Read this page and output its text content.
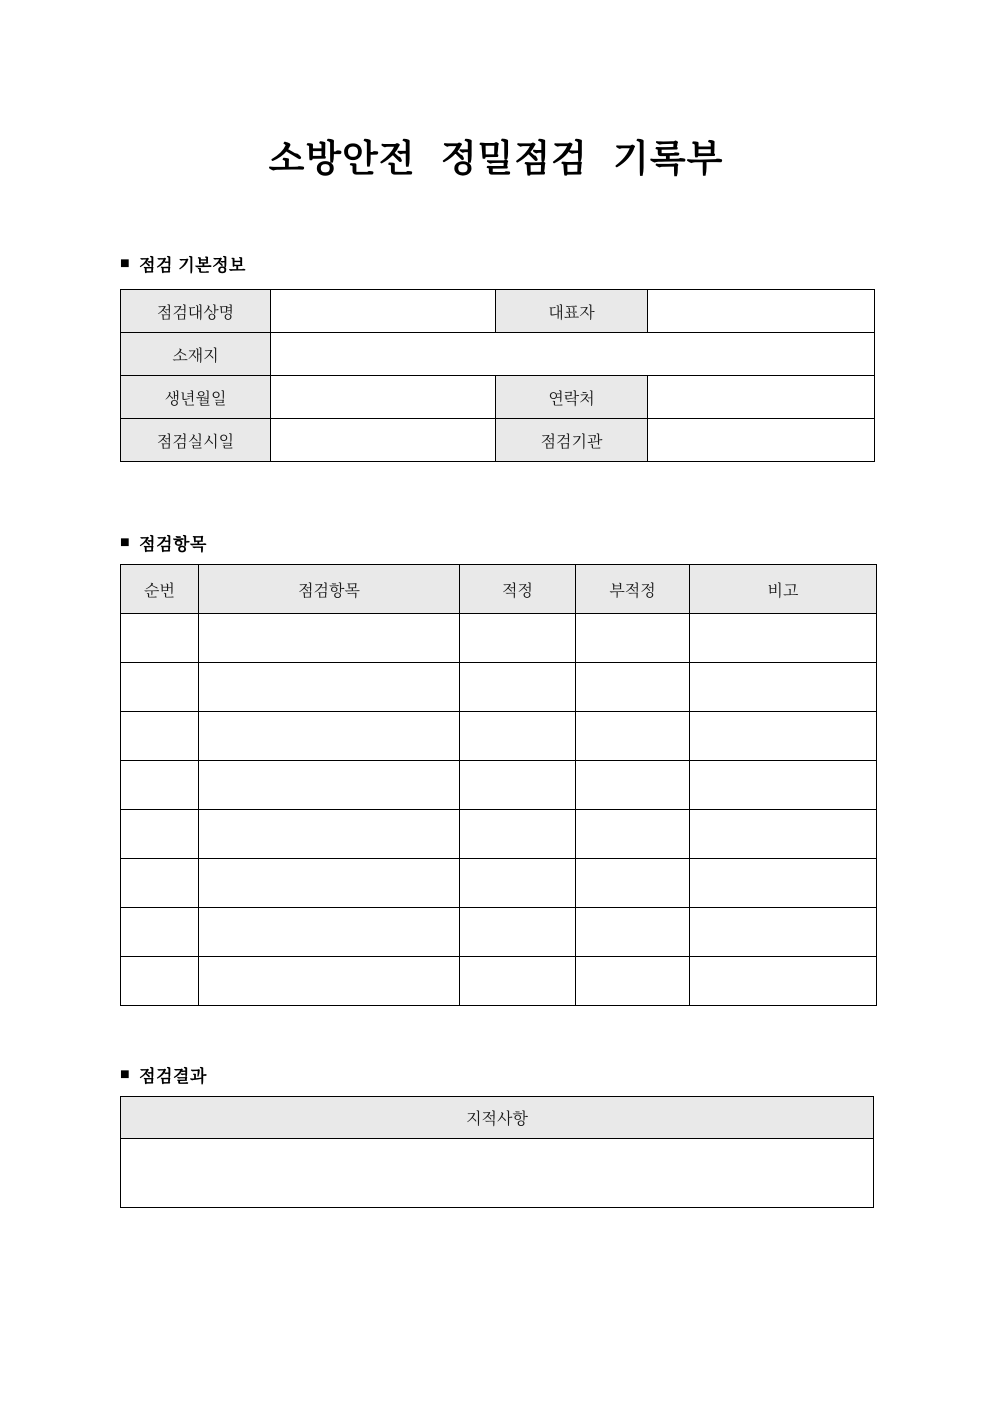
소방안전 정밀점검 기록부
■ 점검 기본정보
점검대상명		대표자	
소재지			
생년월일		연락처	
점검실시일		점검기관	
■ 점검항목
순번	점검항목	적정	부적정	비고

■ 점검결과
지적사항
